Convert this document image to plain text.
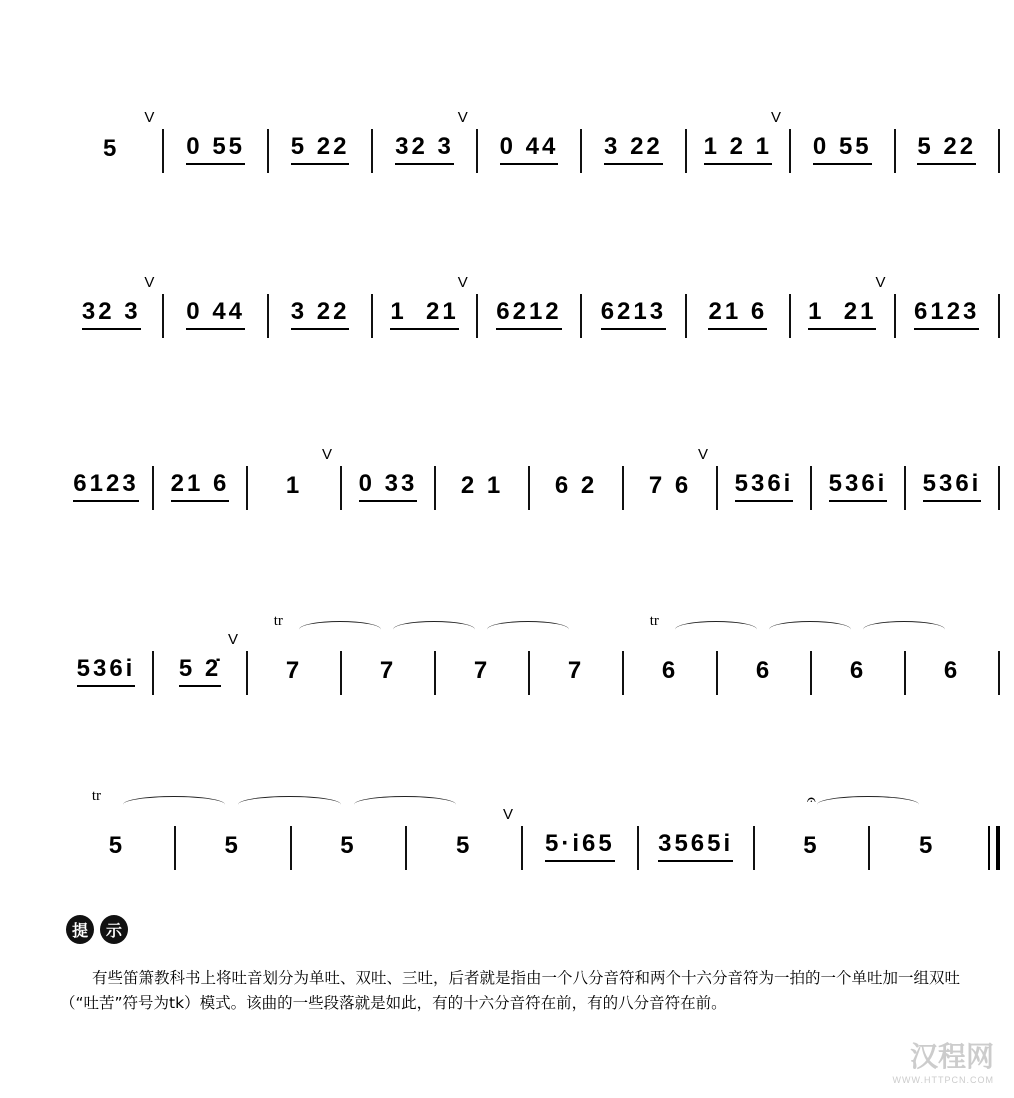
5
V
0 55 5 22 32 3
V
0 44 3 22 1 2 1
V
0 55 5 22
32 3
V
0 44 3 22 1  21
V
6212 6213 21 6 1  21
V
6123
6123 21 6 1
V
0 33 2 1 6 2 7 6
V
536i 536i 536i
536i 5 2̇
V
7
tr
7	7	7	6
tr
6	6	6
5
tr
5	5	5
V
5·i65 3565i	5
𝄐
5
提	示
有些笛箫教科书上将吐音划分为单吐、双吐、三吐，后者就是指由一个八分音符和两个十六分音符为一拍的一个单吐加一组双吐（“吐苦”符号为tk）模式。该曲的一些段落就是如此，有的十六分音符在前，有的八分音符在前。
汉程网
WWW.HTTPCN.COM
